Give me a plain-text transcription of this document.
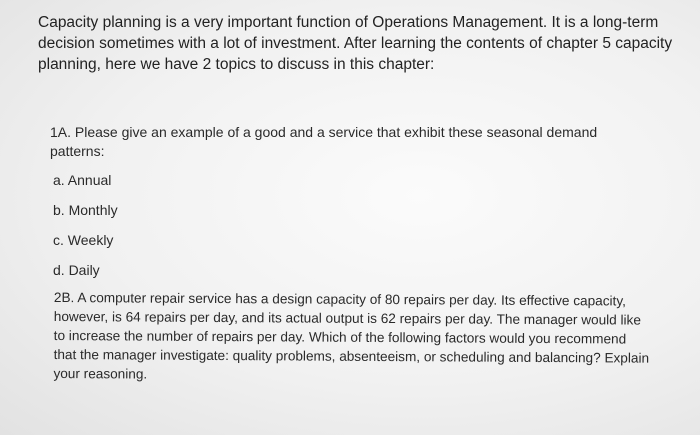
Capacity planning is a very important function of Operations Management. It is a long-term decision sometimes with a lot of investment. After learning the contents of chapter 5 capacity planning, here we have 2 topics to discuss in this chapter:

1A. Please give an example of a good and a service that exhibit these seasonal demand patterns:

a. Annual

b. Monthly

c. Weekly

d. Daily

2B. A computer repair service has a design capacity of 80 repairs per day. Its effective capacity, however, is 64 repairs per day, and its actual output is 62 repairs per day. The manager would like to increase the number of repairs per day. Which of the following factors would you recommend that the manager investigate: quality problems, absenteeism, or scheduling and balancing? Explain your reasoning.
